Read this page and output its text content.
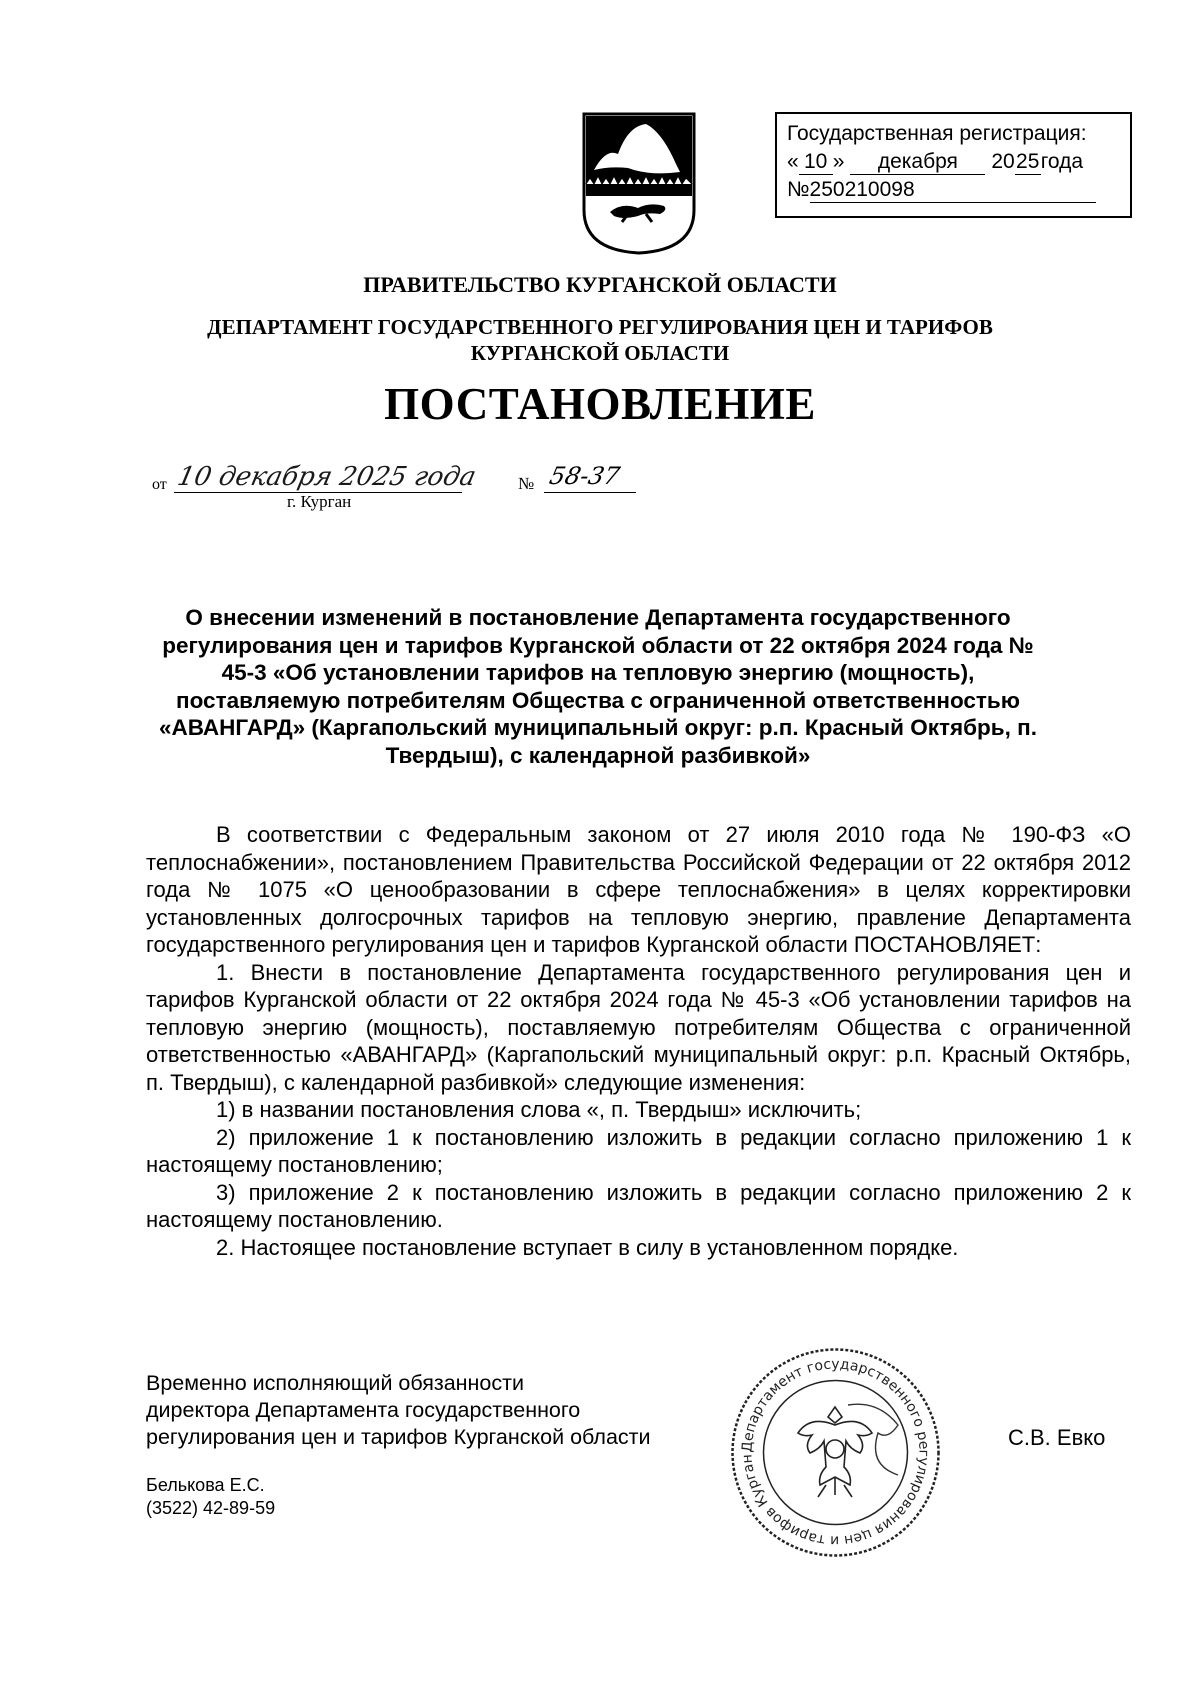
Государственная регистрация:
« 10 »	декабря	20 25 года
№ 250210098
ПРАВИТЕЛЬСТВО КУРГАНСКОЙ ОБЛАСТИ
ДЕПАРТАМЕНТ ГОСУДАРСТВЕННОГО РЕГУЛИРОВАНИЯ ЦЕН И ТАРИФОВ
КУРГАНСКОЙ ОБЛАСТИ
ПОСТАНОВЛЕНИЕ
от 10 декабря 2025 года № 58-37
г. Курган
О внесении изменений в постановление Департамента государственного регулирования цен и тарифов Курганской области от 22 октября 2024 года № 45-3 «Об установлении тарифов на тепловую энергию (мощность), поставляемую потребителям Общества с ограниченной ответственностью «АВАНГАРД» (Каргапольский муниципальный округ: р.п. Красный Октябрь, п. Твердыш), с календарной разбивкой»

В соответствии с Федеральным законом от 27 июля 2010 года № 190-ФЗ «О теплоснабжении», постановлением Правительства Российской Федерации от 22 октября 2012 года № 1075 «О ценообразовании в сфере теплоснабжения» в целях корректировки установленных долгосрочных тарифов на тепловую энергию, правление Департамента государственного регулирования цен и тарифов Курганской области ПОСТАНОВЛЯЕТ:

1. Внести в постановление Департамента государственного регулирования цен и тарифов Курганской области от 22 октября 2024 года № 45-3 «Об установлении тарифов на тепловую энергию (мощность), поставляемую потребителям Общества с ограниченной ответственностью «АВАНГАРД» (Каргапольский муниципальный округ: р.п. Красный Октябрь, п. Твердыш), с календарной разбивкой» следующие изменения:

1) в названии постановления слова «, п. Твердыш» исключить;

2) приложение 1 к постановлению изложить в редакции согласно приложению 1 к настоящему постановлению;

3) приложение 2 к постановлению изложить в редакции согласно приложению 2 к настоящему постановлению.

2. Настоящее постановление вступает в силу в установленном порядке.

Временно исполняющий обязанности
директора Департамента государственного
регулирования цен и тарифов Курганской области	Департамент государственного регулирования цен и тарифов Курган
С.В. Евко
Белькова Е.С.
(3522) 42-89-59
